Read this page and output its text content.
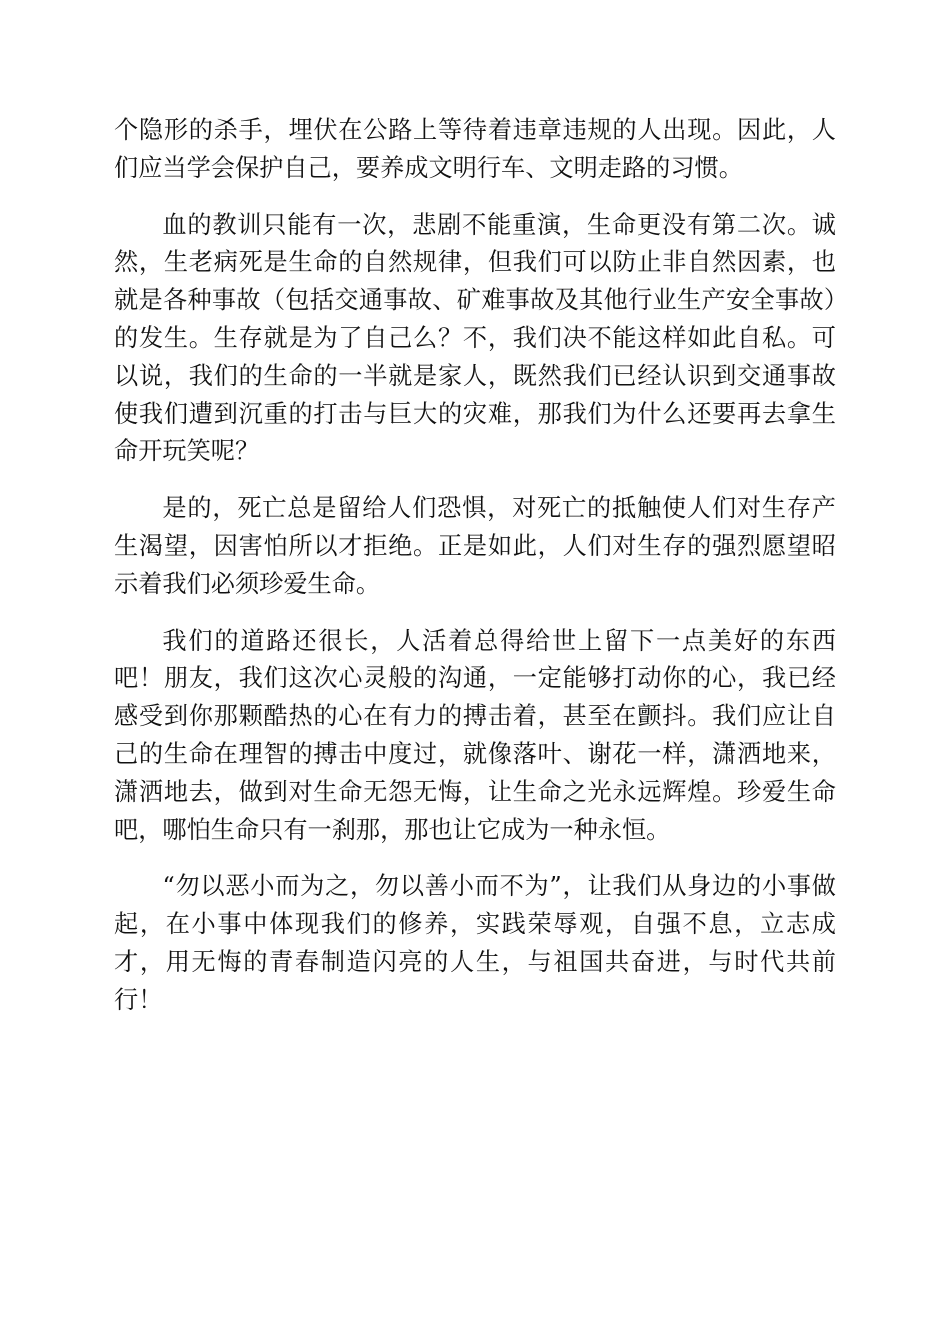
个隐形的杀手，埋伏在公路上等待着违章违规的人出现。因此，人们应当学会保护自己，要养成文明行车、文明走路的习惯。

血的教训只能有一次，悲剧不能重演，生命更没有第二次。诚然，生老病死是生命的自然规律，但我们可以防止非自然因素，也就是各种事故（包括交通事故、矿难事故及其他行业生产安全事故）的发生。生存就是为了自己么？不，我们决不能这样如此自私。可以说，我们的生命的一半就是家人，既然我们已经认识到交通事故使我们遭到沉重的打击与巨大的灾难，那我们为什么还要再去拿生命开玩笑呢？

是的，死亡总是留给人们恐惧，对死亡的抵触使人们对生存产生渴望，因害怕所以才拒绝。正是如此，人们对生存的强烈愿望昭示着我们必须珍爱生命。

我们的道路还很长，人活着总得给世上留下一点美好的东西吧！朋友，我们这次心灵般的沟通，一定能够打动你的心，我已经感受到你那颗酷热的心在有力的搏击着，甚至在颤抖。我们应让自己的生命在理智的搏击中度过，就像落叶、谢花一样，潇洒地来，潇洒地去，做到对生命无怨无悔，让生命之光永远辉煌。珍爱生命吧，哪怕生命只有一刹那，那也让它成为一种永恒。

“勿以恶小而为之，勿以善小而不为”，让我们从身边的小事做起，在小事中体现我们的修养，实践荣辱观，自强不息，立志成才，用无悔的青春制造闪亮的人生，与祖国共奋进，与时代共前行！
